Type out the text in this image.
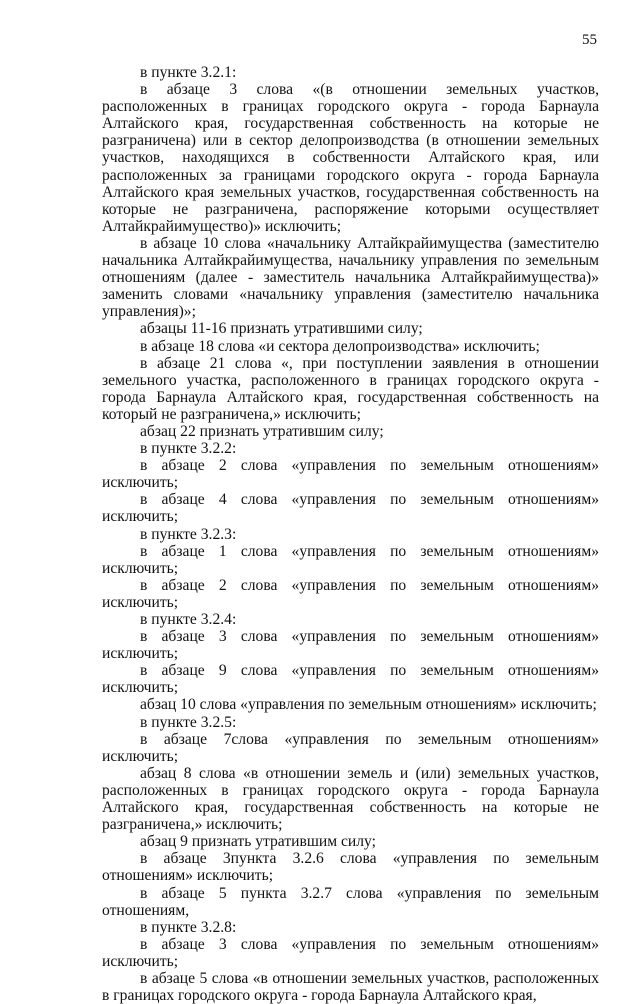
55

в пункте 3.2.1:

в абзаце 3 слова «(в отношении земельных участков, расположенных в границах городского округа - города Барнаула Алтайского края, государственная собственность на которые не разграничена) или в сектор делопроизводства (в отношении земельных участков, находящихся в собственности Алтайского края, или расположенных за границами городского округа - города Барнаула Алтайского края земельных участков, государственная собственность на которые не разграничена, распоряжение которыми осуществляет Алтайкрайимущество)» исключить;

в абзаце 10 слова «начальнику Алтайкрайимущества (заместителю начальника Алтайкрайимущества, начальнику управления по земельным отношениям (далее - заместитель начальника Алтайкрайимущества)» заменить словами «начальнику управления (заместителю начальника управления)»;

абзацы 11-16 признать утратившими силу;

в абзаце 18 слова «и сектора делопроизводства» исключить;

в абзаце 21 слова «, при поступлении заявления в отношении земельного участка, расположенного в границах городского округа - города Барнаула Алтайского края, государственная собственность на который не разграничена,» исключить;

абзац 22 признать утратившим силу;

в пункте 3.2.2:

в абзаце 2 слова «управления по земельным отношениям» исключить;

в абзаце 4 слова «управления по земельным отношениям» исключить;

в пункте 3.2.3:

в абзаце 1 слова «управления по земельным отношениям» исключить;

в абзаце 2 слова «управления по земельным отношениям» исключить;

в пункте 3.2.4:

в абзаце 3 слова «управления по земельным отношениям» исключить;

в абзаце 9 слова «управления по земельным отношениям» исключить;

абзац 10 слова «управления по земельным отношениям» исключить;

в пункте 3.2.5:

в абзаце 7слова «управления по земельным отношениям» исключить;

абзац 8 слова «в отношении земель и (или) земельных участков, расположенных в границах городского округа - города Барнаула Алтайского края, государственная собственность на которые не разграничена,» исключить;

абзац 9 признать утратившим силу;

в абзаце 3пункта 3.2.6 слова «управления по земельным отношениям» исключить;

в абзаце 5 пункта 3.2.7 слова «управления по земельным отношениям,

в пункте 3.2.8:

в абзаце 3 слова «управления по земельным отношениям» исключить;

в абзаце 5 слова «в отношении земельных участков, расположенных в границах городского округа - города Барнаула Алтайского края,
